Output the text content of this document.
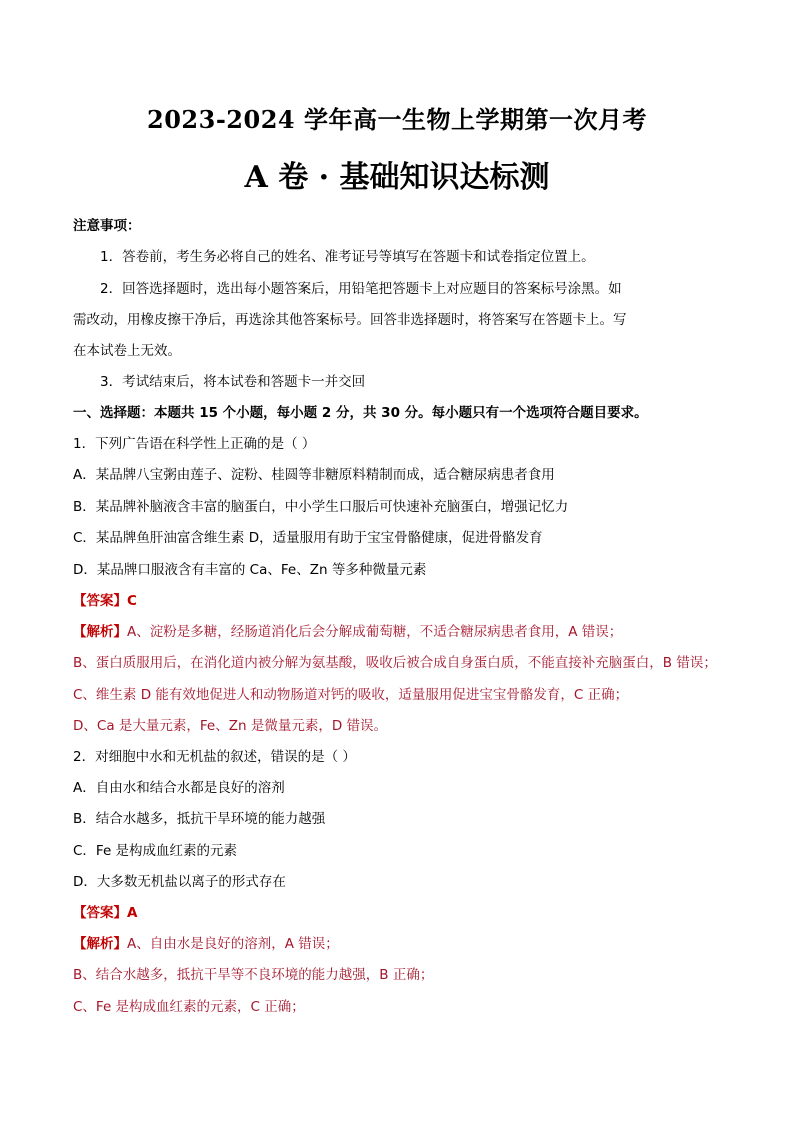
2023-2024 学年高一生物上学期第一次月考
A 卷 · 基础知识达标测
注意事项：
1．答卷前，考生务必将自己的姓名、准考证号等填写在答题卡和试卷指定位置上。
2．回答选择题时，选出每小题答案后，用铅笔把答题卡上对应题目的答案标号涂黑。如
需改动，用橡皮擦干净后，再选涂其他答案标号。回答非选择题时，将答案写在答题卡上。写
在本试卷上无效。
3．考试结束后，将本试卷和答题卡一并交回
一、选择题：本题共 15 个小题，每小题 2 分，共 30 分。每小题只有一个选项符合题目要求。
1．下列广告语在科学性上正确的是（ ）
A．某品牌八宝粥由莲子、淀粉、桂圆等非糖原料精制而成，适合糖尿病患者食用
B．某品牌补脑液含丰富的脑蛋白，中小学生口服后可快速补充脑蛋白，增强记忆力
C．某品牌鱼肝油富含维生素 D，适量服用有助于宝宝骨骼健康，促进骨骼发育
D．某品牌口服液含有丰富的 Ca、Fe、Zn 等多种微量元素
【答案】C
【解析】A、淀粉是多糖，经肠道消化后会分解成葡萄糖，不适合糖尿病患者食用，A 错误；
B、蛋白质服用后，在消化道内被分解为氨基酸，吸收后被合成自身蛋白质，不能直接补充脑蛋白，B 错误；
C、维生素 D 能有效地促进人和动物肠道对钙的吸收，适量服用促进宝宝骨骼发育，C 正确；
D、Ca 是大量元素，Fe、Zn 是微量元素，D 错误。
2．对细胞中水和无机盐的叙述，错误的是（ ）
A．自由水和结合水都是良好的溶剂
B．结合水越多，抵抗干旱环境的能力越强
C．Fe 是构成血红素的元素
D．大多数无机盐以离子的形式存在
【答案】A
【解析】A、自由水是良好的溶剂，A 错误；
B、结合水越多，抵抗干旱等不良环境的能力越强，B 正确；
C、Fe 是构成血红素的元素，C 正确；
